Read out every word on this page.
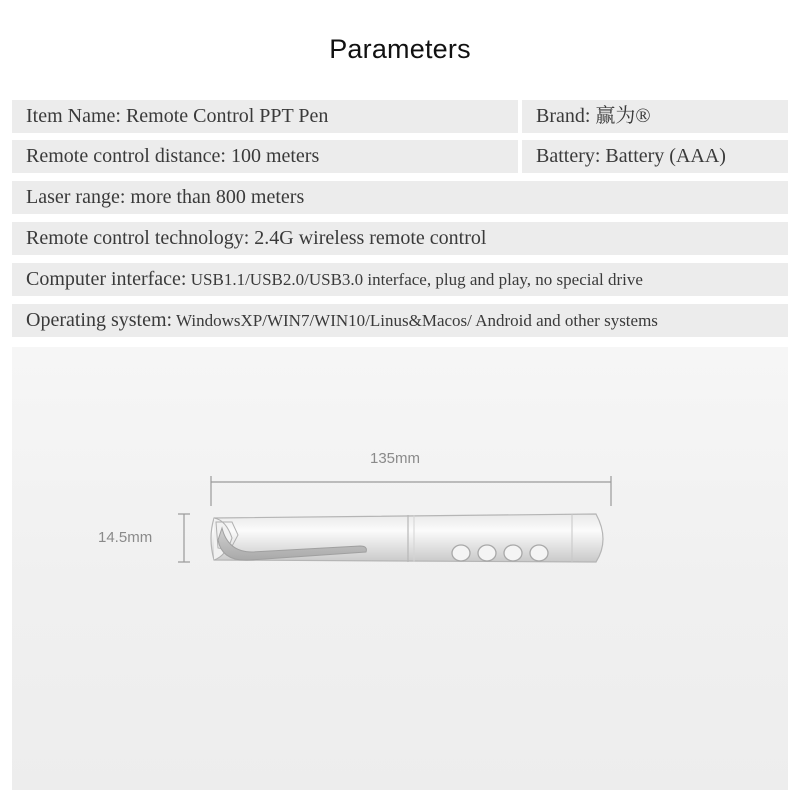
Parameters
Item Name: Remote Control PPT Pen	Brand: 赢为®
Remote control distance: 100 meters	Battery: Battery (AAA)
Laser range: more than 800 meters
Remote control technology: 2.4G wireless remote control
Computer interface: USB1.1/USB2.0/USB3.0 interface, plug and play, no special drive
Operating system: WindowsXP/WIN7/WIN10/Linus&Macos/ Android and other systems
135mm
14.5mm
